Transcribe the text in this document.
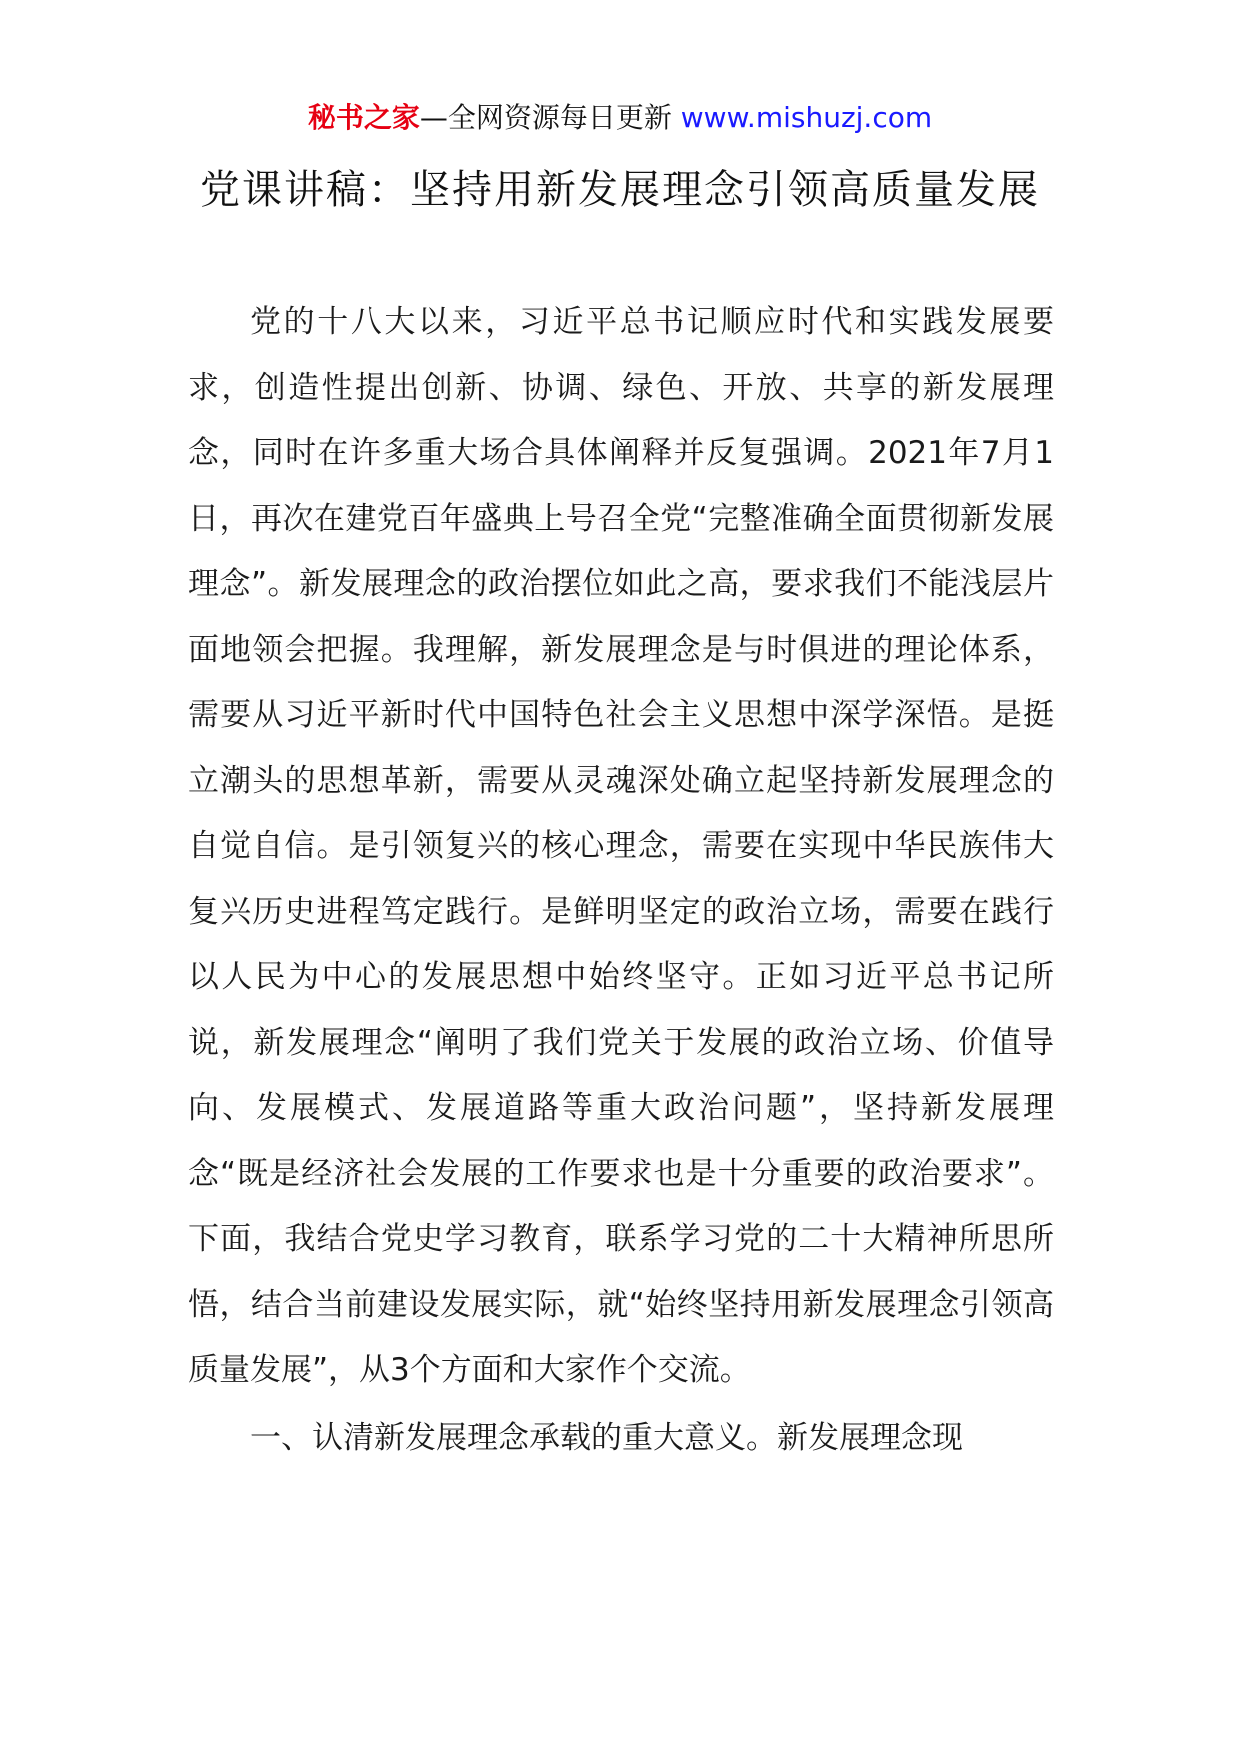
秘书之家—全网资源每日更新 www.mishuzj.com
党课讲稿：坚持用新发展理念引领高质量发展

党的十八大以来，习近平总书记顺应时代和实践发展要求，创造性提出创新、协调、绿色、开放、共享的新发展理念，同时在许多重大场合具体阐释并反复强调。2021年7月1日，再次在建党百年盛典上号召全党“完整准确全面贯彻新发展理念”。新发展理念的政治摆位如此之高，要求我们不能浅层片面地领会把握。我理解，新发展理念是与时俱进的理论体系，需要从习近平新时代中国特色社会主义思想中深学深悟。是挺立潮头的思想革新，需要从灵魂深处确立起坚持新发展理念的自觉自信。是引领复兴的核心理念，需要在实现中华民族伟大复兴历史进程笃定践行。是鲜明坚定的政治立场，需要在践行以人民为中心的发展思想中始终坚守。正如习近平总书记所说，新发展理念“阐明了我们党关于发展的政治立场、价值导向、发展模式、发展道路等重大政治问题”，坚持新发展理念“既是经济社会发展的工作要求也是十分重要的政治要求”。下面，我结合党史学习教育，联系学习党的二十大精神所思所悟，结合当前建设发展实际，就“始终坚持用新发展理念引领高质量发展”，从3个方面和大家作个交流。

一、认清新发展理念承载的重大意义。新发展理念现
